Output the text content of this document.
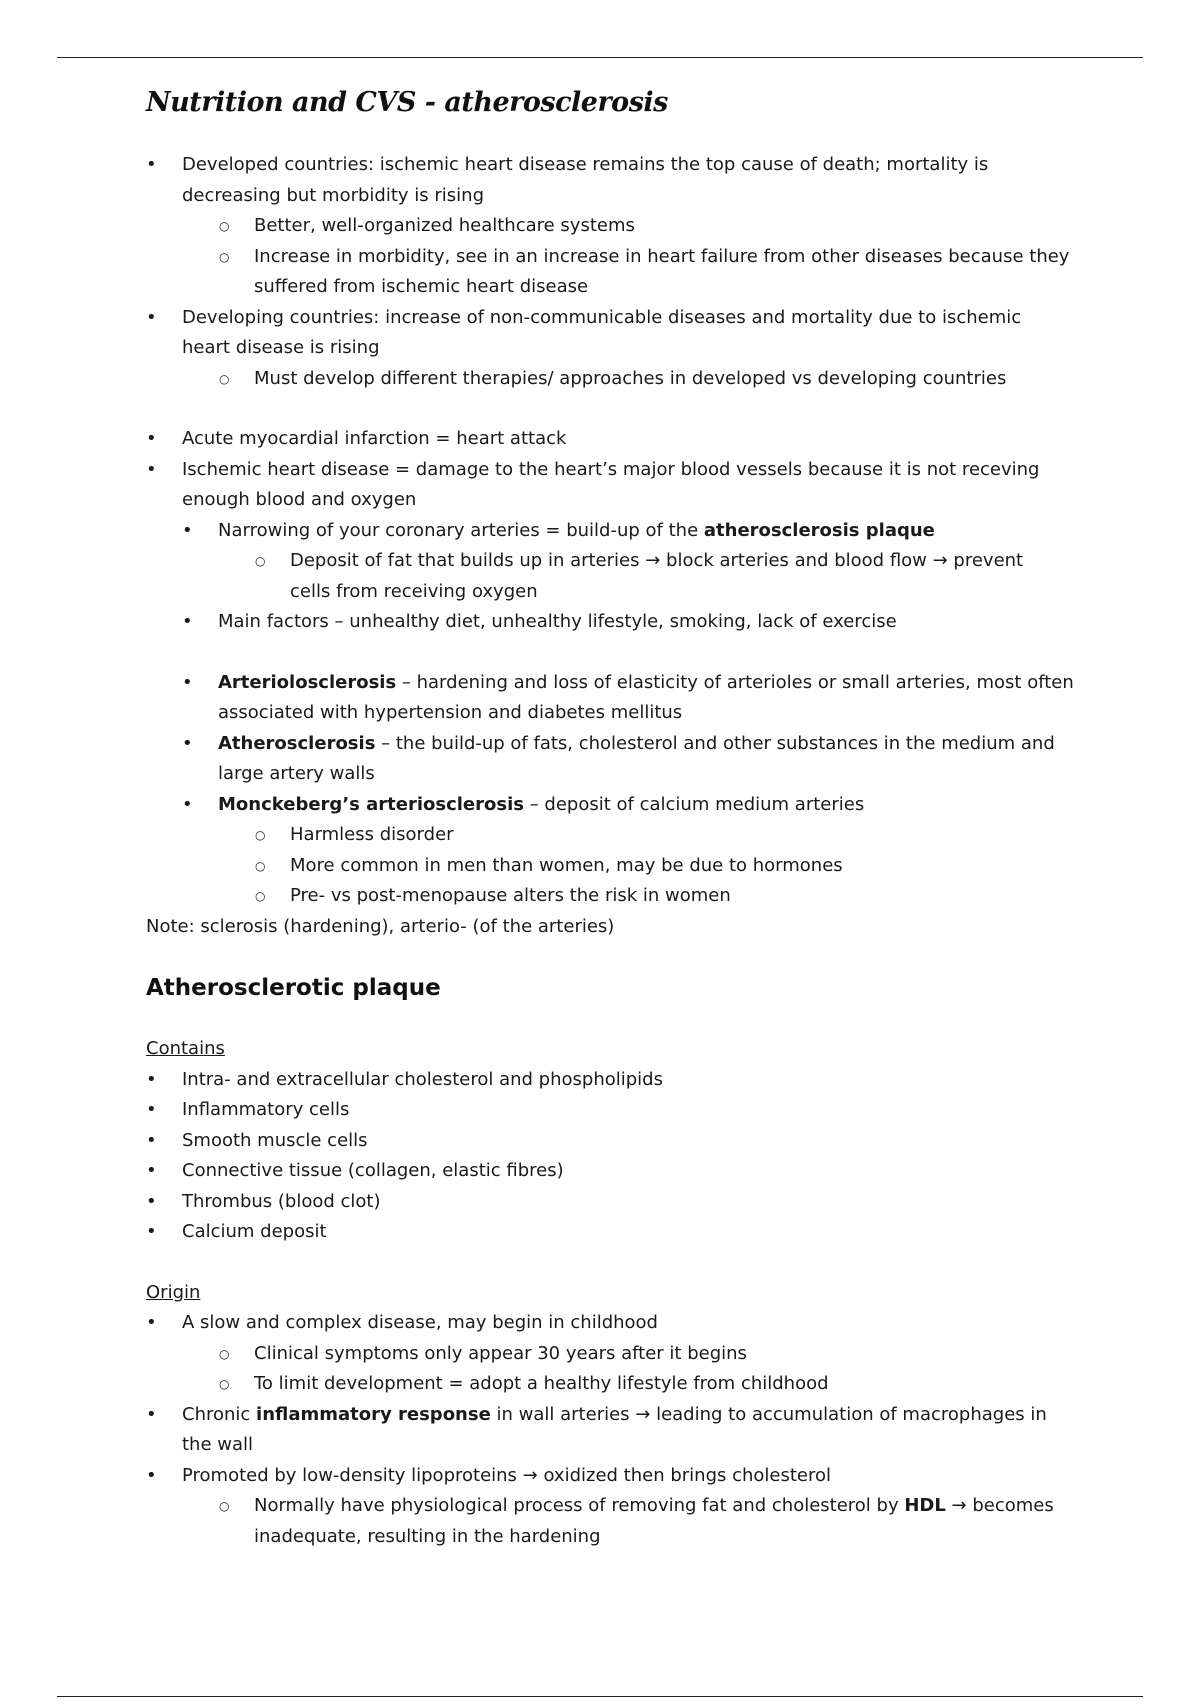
Nutrition and CVS - atherosclerosis
• Developed countries: ischemic heart disease remains the top cause of death; mortality is
decreasing but morbidity is rising
○ Better, well-organized healthcare systems
○ Increase in morbidity, see in an increase in heart failure from other diseases because they
suffered from ischemic heart disease
• Developing countries: increase of non-communicable diseases and mortality due to ischemic
heart disease is rising
○ Must develop different therapies/ approaches in developed vs developing countries
• Acute myocardial infarction = heart attack
• Ischemic heart disease = damage to the heart’s major blood vessels because it is not receving
enough blood and oxygen
• Narrowing of your coronary arteries = build-up of the atherosclerosis plaque
○ Deposit of fat that builds up in arteries → block arteries and blood flow → prevent
cells from receiving oxygen
• Main factors – unhealthy diet, unhealthy lifestyle, smoking, lack of exercise
• Arteriolosclerosis – hardening and loss of elasticity of arterioles or small arteries, most often
associated with hypertension and diabetes mellitus
• Atherosclerosis – the build-up of fats, cholesterol and other substances in the medium and
large artery walls
• Monckeberg’s arteriosclerosis – deposit of calcium medium arteries
○ Harmless disorder
○ More common in men than women, may be due to hormones
○ Pre- vs post-menopause alters the risk in women
Note: sclerosis (hardening), arterio- (of the arteries)
Atherosclerotic plaque
Contains
• Intra- and extracellular cholesterol and phospholipids
• Inflammatory cells
• Smooth muscle cells
• Connective tissue (collagen, elastic fibres)
• Thrombus (blood clot)
• Calcium deposit
Origin
• A slow and complex disease, may begin in childhood
○ Clinical symptoms only appear 30 years after it begins
○ To limit development = adopt a healthy lifestyle from childhood
• Chronic inflammatory response in wall arteries → leading to accumulation of macrophages in
the wall
• Promoted by low-density lipoproteins → oxidized then brings cholesterol
○ Normally have physiological process of removing fat and cholesterol by HDL → becomes
inadequate, resulting in the hardening
